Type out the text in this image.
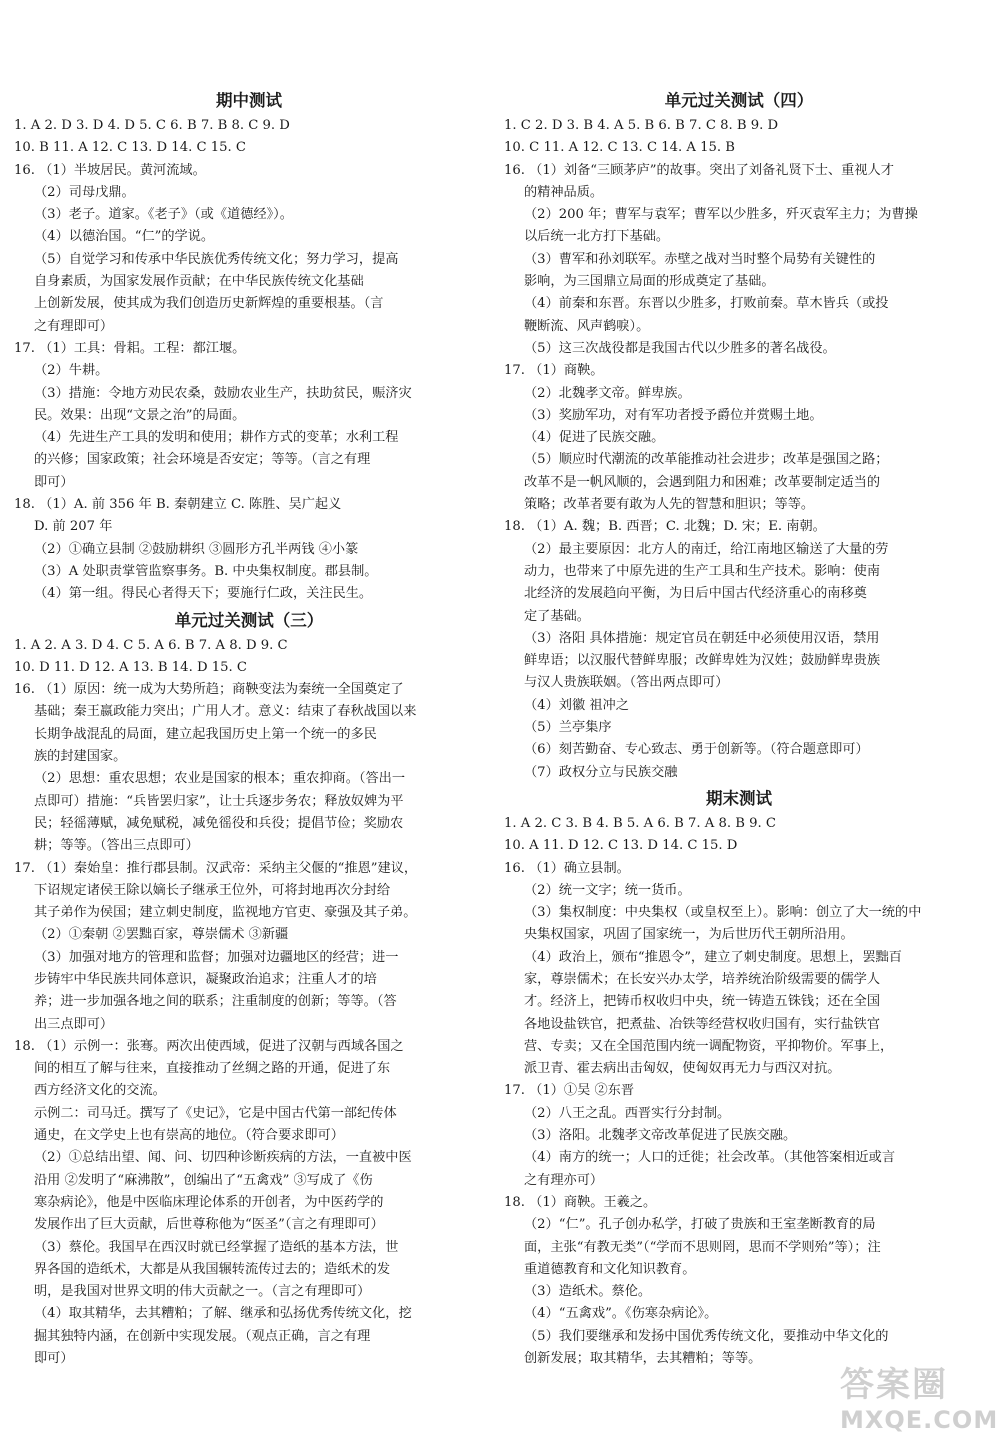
期中测试
1. A 2. D 3. D 4. D 5. C 6. B 7. B 8. C 9. D
10. B 11. A 12. C 13. D 14. C 15. C
16. （1）半坡居民。黄河流域。
（2）司母戊鼎。
（3）老子。道家。《老子》（或《道德经》）。
（4）以德治国。“仁”的学说。
（5）自觉学习和传承中华民族优秀传统文化；努力学习，提高
自身素质，为国家发展作贡献；在中华民族传统文化基础
上创新发展，使其成为我们创造历史新辉煌的重要根基。（言
之有理即可）
17. （1）工具：骨耜。工程：都江堰。
（2）牛耕。
（3）措施：令地方劝民农桑，鼓励农业生产，扶助贫民，赈济灾
民。效果：出现“文景之治”的局面。
（4）先进生产工具的发明和使用；耕作方式的变革；水利工程
的兴修；国家政策；社会环境是否安定；等等。（言之有理
即可）
18. （1）A. 前 356 年 B. 秦朝建立 C. 陈胜、吴广起义
D. 前 207 年
（2）①确立县制 ②鼓励耕织 ③圆形方孔半两钱 ④小篆
（3）A 处职责掌管监察事务。B. 中央集权制度。郡县制。
（4）第一组。得民心者得天下；要施行仁政，关注民生。
单元过关测试（三）
1. A 2. A 3. D 4. C 5. A 6. B 7. A 8. D 9. C
10. D 11. D 12. A 13. B 14. D 15. C
16. （1）原因：统一成为大势所趋；商鞅变法为秦统一全国奠定了
基础；秦王嬴政能力突出；广用人才。意义：结束了春秋战国以来
长期争战混乱的局面，建立起我国历史上第一个统一的多民
族的封建国家。
（2）思想：重农思想；农业是国家的根本；重农抑商。（答出一
点即可）措施：“兵皆罢归家”，让士兵逐步务农；释放奴婢为平
民；轻徭薄赋，减免赋税，减免徭役和兵役；提倡节俭；奖励农
耕；等等。（答出三点即可）
17. （1）秦始皇：推行郡县制。汉武帝：采纳主父偃的“推恩”建议，
下诏规定诸侯王除以嫡长子继承王位外，可将封地再次分封给
其子弟作为侯国；建立刺史制度，监视地方官吏、豪强及其子弟。
（2）①秦朝 ②罢黜百家，尊崇儒术 ③新疆
（3）加强对地方的管理和监督；加强对边疆地区的经营；进一
步铸牢中华民族共同体意识，凝聚政治追求；注重人才的培
养；进一步加强各地之间的联系；注重制度的创新；等等。（答
出三点即可）
18. （1）示例一：张骞。两次出使西域，促进了汉朝与西域各国之
间的相互了解与往来，直接推动了丝绸之路的开通，促进了东
西方经济文化的交流。
示例二：司马迁。撰写了《史记》，它是中国古代第一部纪传体
通史，在文学史上也有崇高的地位。（符合要求即可）
（2）①总结出望、闻、问、切四种诊断疾病的方法，一直被中医
沿用 ②发明了“麻沸散”，创编出了“五禽戏” ③写成了《伤
寒杂病论》，他是中医临床理论体系的开创者，为中医药学的
发展作出了巨大贡献，后世尊称他为“医圣”（言之有理即可）
（3）蔡伦。我国早在西汉时就已经掌握了造纸的基本方法，世
界各国的造纸术，大都是从我国辗转流传过去的；造纸术的发
明，是我国对世界文明的伟大贡献之一。（言之有理即可）
（4）取其精华，去其糟粕；了解、继承和弘扬优秀传统文化，挖
掘其独特内涵，在创新中实现发展。（观点正确，言之有理
即可）
单元过关测试（四）
1. C 2. D 3. B 4. A 5. B 6. B 7. C 8. B 9. D
10. C 11. A 12. C 13. C 14. A 15. B
16. （1）刘备“三顾茅庐”的故事。突出了刘备礼贤下士、重视人才
的精神品质。
（2）200 年；曹军与袁军；曹军以少胜多，歼灭袁军主力；为曹操
以后统一北方打下基础。
（3）曹军和孙刘联军。赤壁之战对当时整个局势有关键性的
影响，为三国鼎立局面的形成奠定了基础。
（4）前秦和东晋。东晋以少胜多，打败前秦。草木皆兵（或投
鞭断流、风声鹤唳）。
（5）这三次战役都是我国古代以少胜多的著名战役。
17. （1）商鞅。
（2）北魏孝文帝。鲜卑族。
（3）奖励军功，对有军功者授予爵位并赏赐土地。
（4）促进了民族交融。
（5）顺应时代潮流的改革能推动社会进步；改革是强国之路；
改革不是一帆风顺的，会遇到阻力和困难；改革要制定适当的
策略；改革者要有敢为人先的智慧和胆识；等等。
18. （1）A. 魏；B. 西晋；C. 北魏；D. 宋；E. 南朝。
（2）最主要原因：北方人的南迁，给江南地区输送了大量的劳
动力，也带来了中原先进的生产工具和生产技术。影响：使南
北经济的发展趋向平衡，为日后中国古代经济重心的南移奠
定了基础。
（3）洛阳 具体措施：规定官员在朝廷中必须使用汉语，禁用
鲜卑语；以汉服代替鲜卑服；改鲜卑姓为汉姓；鼓励鲜卑贵族
与汉人贵族联姻。（答出两点即可）
（4）刘徽 祖冲之
（5）兰亭集序
（6）刻苦勤奋、专心致志、勇于创新等。（符合题意即可）
（7）政权分立与民族交融
期末测试
1. A 2. C 3. B 4. B 5. A 6. B 7. A 8. B 9. C
10. A 11. D 12. C 13. D 14. C 15. D
16. （1）确立县制。
（2）统一文字；统一货币。
（3）集权制度：中央集权（或皇权至上）。影响：创立了大一统的中
央集权国家，巩固了国家统一，为后世历代王朝所沿用。
（4）政治上，颁布“推恩令”，建立了刺史制度。思想上，罢黜百
家，尊崇儒术；在长安兴办太学，培养统治阶级需要的儒学人
才。经济上，把铸币权收归中央，统一铸造五铢钱；还在全国
各地设盐铁官，把煮盐、冶铁等经营权收归国有，实行盐铁官
营、专卖；又在全国范围内统一调配物资，平抑物价。军事上，
派卫青、霍去病出击匈奴，使匈奴再无力与西汉对抗。
17. （1）①吴 ②东晋
（2）八王之乱。西晋实行分封制。
（3）洛阳。北魏孝文帝改革促进了民族交融。
（4）南方的统一；人口的迁徙；社会改革。（其他答案相近或言
之有理亦可）
18. （1）商鞅。王羲之。
（2）“仁”。孔子创办私学，打破了贵族和王室垄断教育的局
面，主张“有教无类”（“学而不思则罔，思而不学则殆”等）；注
重道德教育和文化知识教育。
（3）造纸术。蔡伦。
（4）“五禽戏”。《伤寒杂病论》。
（5）我们要继承和发扬中国优秀传统文化，要推动中华文化的
创新发展；取其精华，去其糟粕；等等。
答案圈
MXQE.COM
